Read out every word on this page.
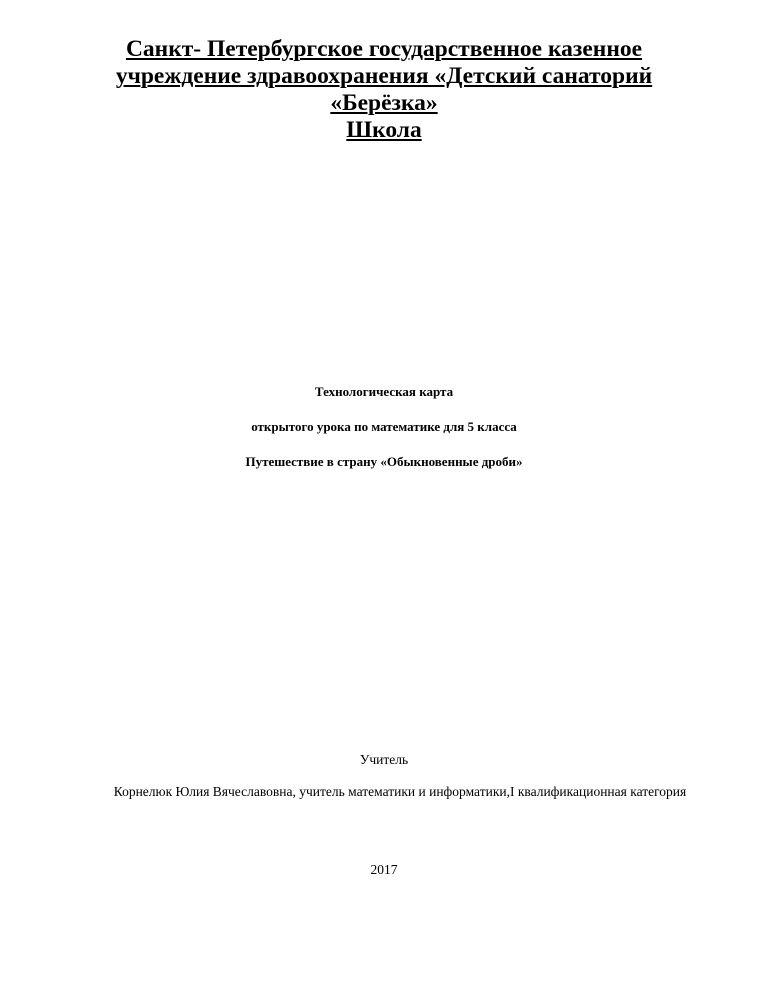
Санкт- Петербургское государственное казенное
учреждение здравоохранения «Детский санаторий
«Берёзка»
Школа
Технологическая карта
открытого урока по математике для 5 класса
Путешествие в страну «Обыкновенные дроби»
Учитель
Корнелюк Юлия Вячеславовна, учитель математики и информатики,I квалификационная категория
2017
